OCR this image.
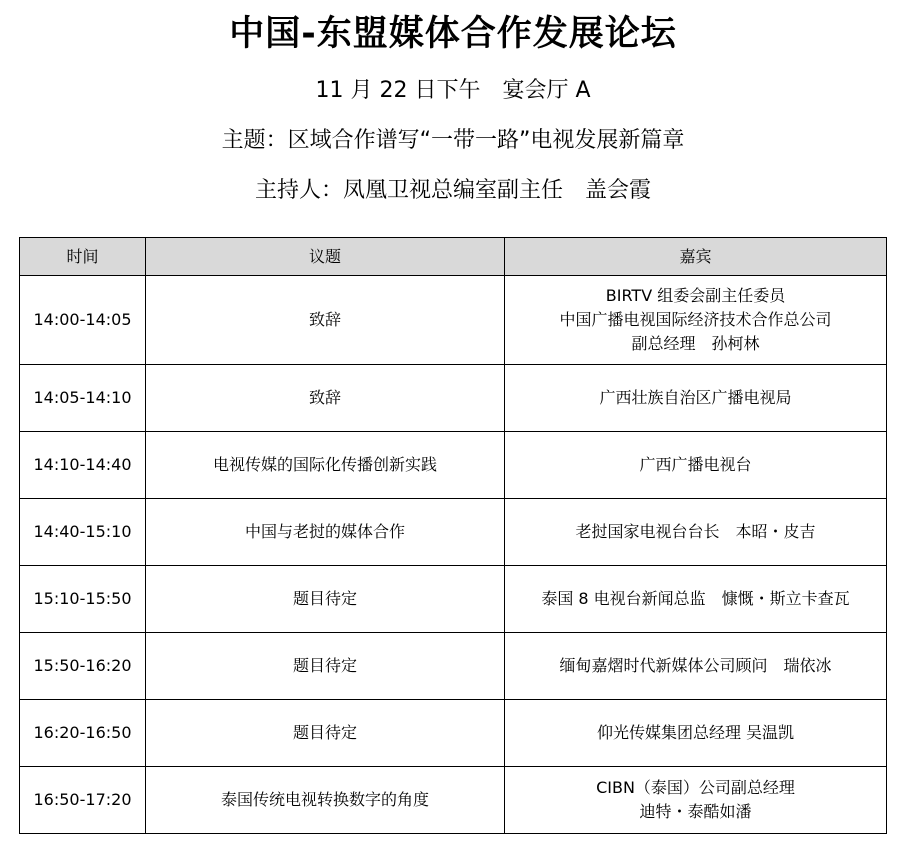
中国-东盟媒体合作发展论坛
11 月 22 日下午 宴会厅 A
主题：区域合作谱写“一带一路”电视发展新篇章
主持人：凤凰卫视总编室副主任 盖会霞
时间	议题	嘉宾
14:00-14:05	致辞	BIRTV 组委会副主任委员
中国广播电视国际经济技术合作总公司
副总经理　孙柯林

14:05-14:10	致辞	广西壮族自治区广播电视局

14:10-14:40	电视传媒的国际化传播创新实践	广西广播电视台

14:40-15:10	中国与老挝的媒体合作	老挝国家电视台台长　本昭・皮吉

15:10-15:50	题目待定	泰国 8 电视台新闻总监　慷慨・斯立卡查瓦

15:50-16:20	题目待定	缅甸嘉熠时代新媒体公司顾问　瑞依冰

16:20-16:50	题目待定	仰光传媒集团总经理 吴温凯

16:50-17:20	泰国传统电视转换数字的角度	CIBN（泰国）公司副总经理
迪特・泰酷如潘
